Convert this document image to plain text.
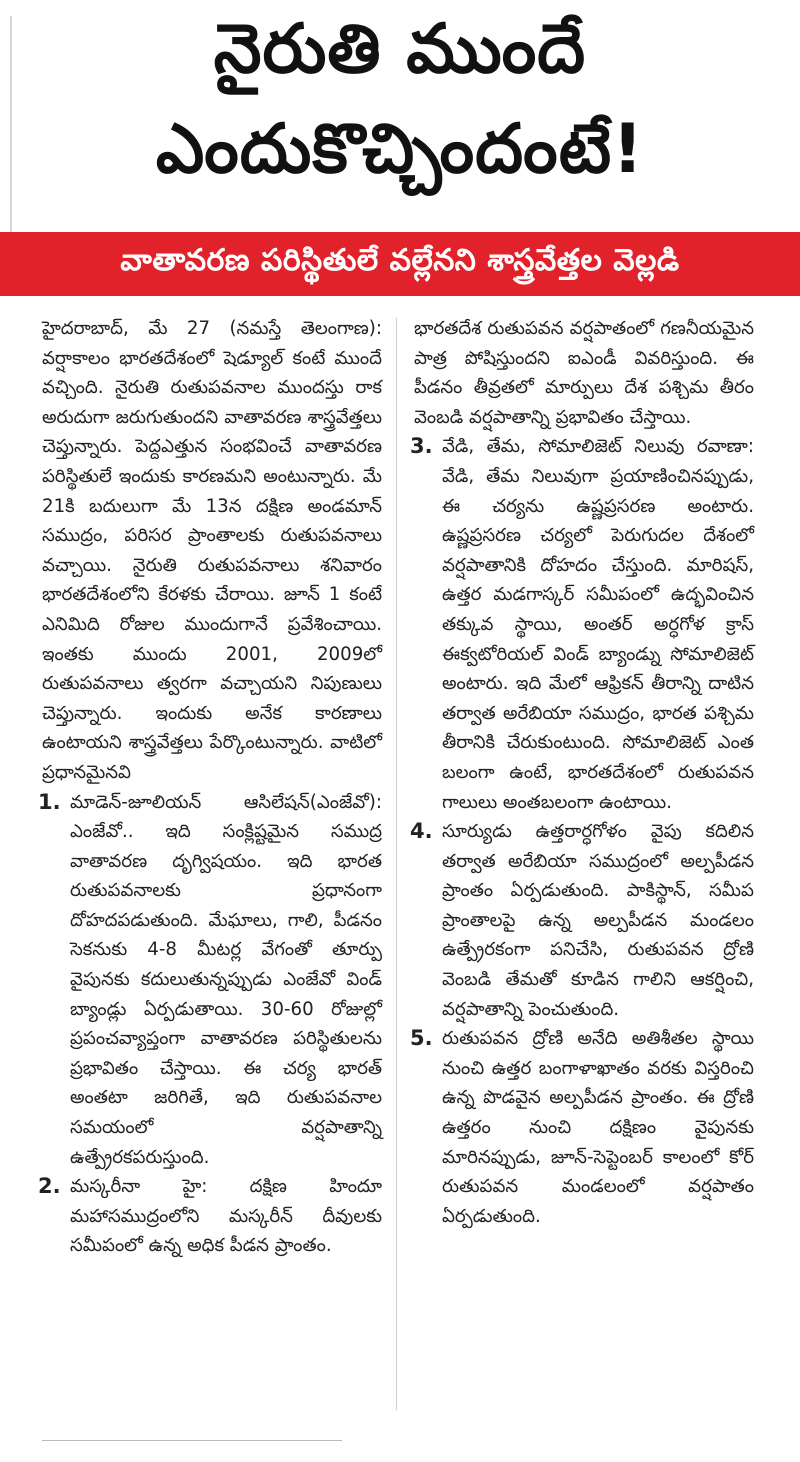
నైరుతి ముందే
ఎందుకొచ్చిందంటే!
వాతావరణ పరిస్థితులే వల్లేనని శాస్త్రవేత్తల వెల్లడి

హైదరాబాద్, మే 27 (నమస్తే తెలంగాణ): వర్షాకాలం భారతదేశంలో షెడ్యూల్ కంటే ముందే వచ్చింది. నైరుతి రుతుపవనాల ముందస్తు రాక అరుదుగా జరుగుతుందని వాతావరణ శాస్త్రవేత్తలు చెప్తున్నారు. పెద్దఎత్తున సంభవించే వాతావరణ పరిస్థితులే ఇందుకు కారణమని అంటున్నారు. మే 21కి బదులుగా మే 13న దక్షిణ అండమాన్ సముద్రం, పరిసర ప్రాంతాలకు రుతుపవనాలు వచ్చాయి. నైరుతి రుతుపవనాలు శనివారం భారతదేశంలోని కేరళకు చేరాయి. జూన్ 1 కంటే ఎనిమిది రోజుల ముందుగానే ప్రవేశించాయి. ఇంతకు ముందు 2001, 2009లో రుతుపవనాలు త్వరగా వచ్చాయని నిపుణులు చెప్తున్నారు. ఇందుకు అనేక కారణాలు ఉంటాయని శాస్త్రవేత్తలు పేర్కొంటున్నారు. వాటిలో ప్రధానమైనవి

1. మాడెన్-జూలియన్ ఆసిలేషన్(ఎంజేవో): ఎంజేవో.. ఇది సంక్లిష్టమైన సముద్ర వాతావరణ దృగ్విషయం. ఇది భారత రుతుపవనాలకు ప్రధానంగా దోహదపడుతుంది. మేఘాలు, గాలి, పీడనం సెకనుకు 4-8 మీటర్ల వేగంతో తూర్పు వైపునకు కదులుతున్నప్పుడు ఎంజేవో విండ్ బ్యాండ్లు ఏర్పడుతాయి. 30-60 రోజుల్లో ప్రపంచవ్యాప్తంగా వాతావరణ పరిస్థితులను ప్రభావితం చేస్తాయి. ఈ చర్య భారత్ అంతటా జరిగితే, ఇది రుతుపవనాల సమయంలో వర్షపాతాన్ని ఉత్ప్రేరకపరుస్తుంది.
2. మస్కరీనా హై: దక్షిణ హిందూ మహాసముద్రంలోని మస్కరీన్ దీవులకు సమీపంలో ఉన్న అధిక పీడన ప్రాంతం.

భారతదేశ రుతుపవన వర్షపాతంలో గణనీయమైన పాత్ర పోషిస్తుందని ఐఎండీ వివరిస్తుంది. ఈ పీడనం తీవ్రతలో మార్పులు దేశ పశ్చిమ తీరం వెంబడి వర్షపాతాన్ని ప్రభావితం చేస్తాయి.

3. వేడి, తేమ, సోమాలిజెట్ నిలువు రవాణా: వేడి, తేమ నిలువుగా ప్రయాణించినప్పుడు, ఈ చర్యను ఉష్ణప్రసరణ అంటారు. ఉష్ణప్రసరణ చర్యలో పెరుగుదల దేశంలో వర్షపాతానికి దోహదం చేస్తుంది. మారిషస్, ఉత్తర మడగాస్కర్ సమీపంలో ఉద్భవించిన తక్కువ స్థాయి, అంతర్ అర్ధగోళ క్రాస్ ఈక్వటోరియల్ విండ్ బ్యాండ్ను సోమాలిజెట్ అంటారు. ఇది మేలో ఆఫ్రికన్ తీరాన్ని దాటిన తర్వాత అరేబియా సముద్రం, భారత పశ్చిమ తీరానికి చేరుకుంటుంది. సోమాలిజెట్ ఎంత బలంగా ఉంటే, భారతదేశంలో రుతుపవన గాలులు అంతబలంగా ఉంటాయి.
4. సూర్యుడు ఉత్తరార్ధగోళం వైపు కదిలిన తర్వాత అరేబియా సముద్రంలో అల్పపీడన ప్రాంతం ఏర్పడుతుంది. పాకిస్థాన్, సమీప ప్రాంతాలపై ఉన్న అల్పపీడన మండలం ఉత్ప్రేరకంగా పనిచేసి, రుతుపవన ద్రోణి వెంబడి తేమతో కూడిన గాలిని ఆకర్షించి, వర్షపాతాన్ని పెంచుతుంది.
5. రుతుపవన ద్రోణి అనేది అతిశీతల స్థాయి నుంచి ఉత్తర బంగాళాఖాతం వరకు విస్తరించి ఉన్న పొడవైన అల్పపీడన ప్రాంతం. ఈ ద్రోణి ఉత్తరం నుంచి దక్షిణం వైపునకు మారినప్పుడు, జూన్-సెప్టెంబర్ కాలంలో కోర్ రుతుపవన మండలంలో వర్షపాతం ఏర్పడుతుంది.
